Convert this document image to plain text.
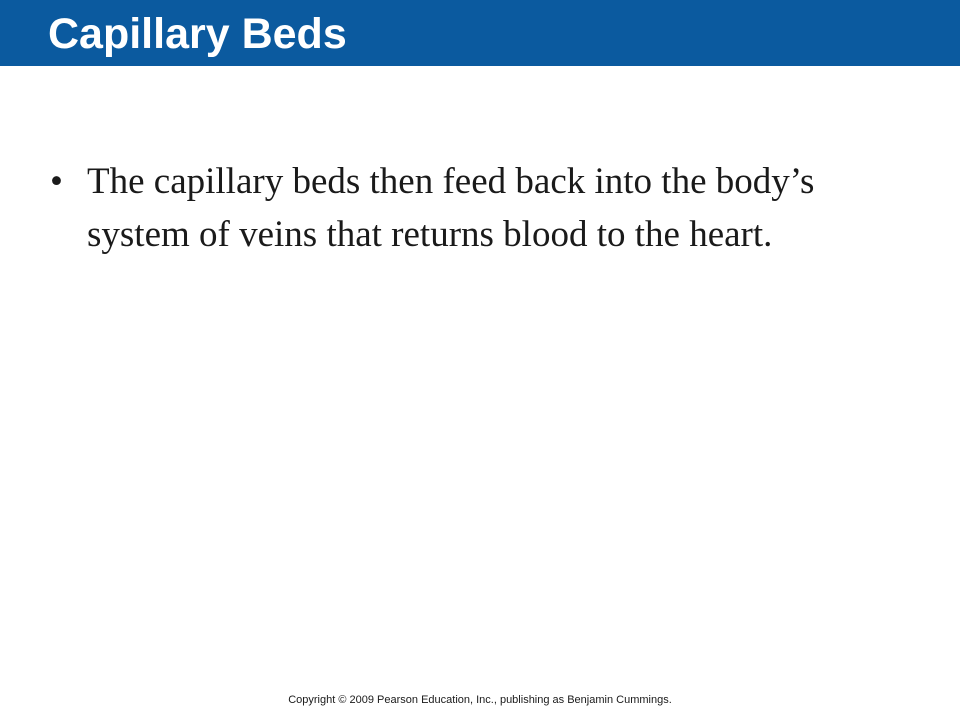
Capillary Beds
• The capillary beds then feed back into the body’s system of veins that returns blood to the heart.
Copyright © 2009 Pearson Education, Inc., publishing as Benjamin Cummings.
